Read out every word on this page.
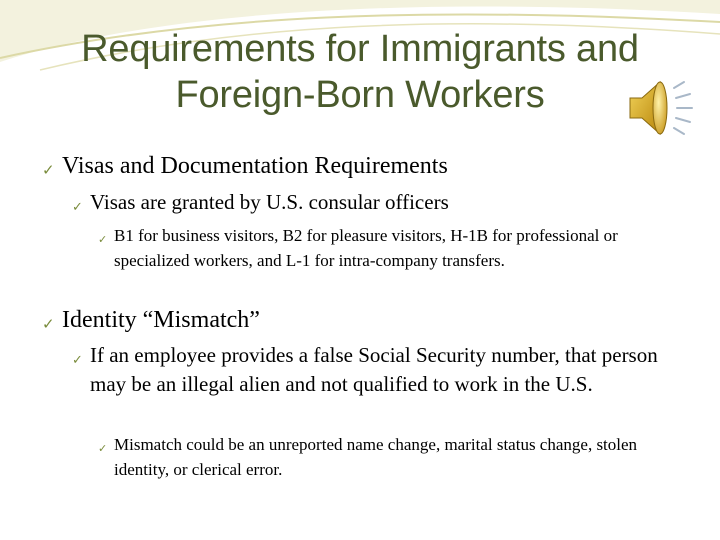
Requirements for Immigrants and
Foreign-Born Workers
✓ Visas and Documentation Requirements
✓ Visas are granted by U.S. consular officers
✓ B1 for business visitors, B2 for pleasure visitors, H-1B for professional or specialized workers, and L-1 for intra-company transfers.
✓ Identity “Mismatch”
✓ If an employee provides a false Social Security number, that person may be an illegal alien and not qualified to work in the U.S.
✓ Mismatch could be an unreported name change, marital status change, stolen identity, or clerical error.
